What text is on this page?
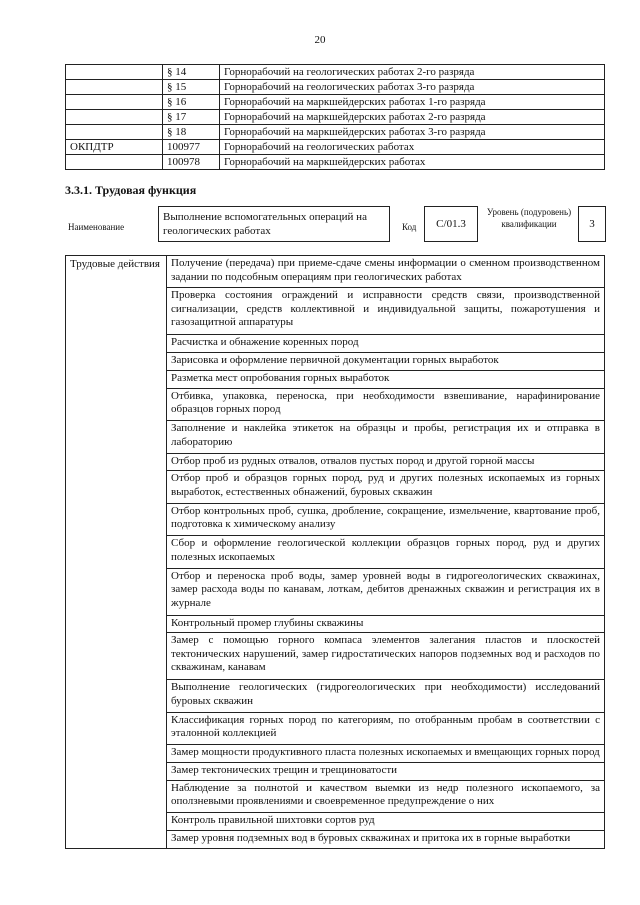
20
	§ 14	Горнорабочий на геологических работах 2-го разряда
	§ 15	Горнорабочий на геологических работах 3-го разряда
	§ 16	Горнорабочий на маркшейдерских работах 1-го разряда
	§ 17	Горнорабочий на маркшейдерских работах 2-го разряда
	§ 18	Горнорабочий на маркшейдерских работах 3-го разряда
ОКПДТР	100977	Горнорабочий на геологических работах
	100978	Горнорабочий на маркшейдерских работах
3.3.1. Трудовая функция
Наименование
Выполнение вспомогательных операций на геологических работах	Код	C/01.3
Уровень (подуровень) квалификации	3
Трудовые действия	Получение (передача) при приеме-сдаче смены информации о сменном производственном задании по подсобным операциям при геологических работах
Проверка состояния ограждений и исправности средств связи, производственной сигнализации, средств коллективной и индивидуальной защиты, пожаротушения и газозащитной аппаратуры
Расчистка и обнажение коренных пород
Зарисовка и оформление первичной документации горных выработок
Разметка мест опробования горных выработок
Отбивка, упаковка, переноска, при необходимости взвешивание, нарафинирование образцов горных пород
Заполнение и наклейка этикеток на образцы и пробы, регистрация их и отправка в лабораторию
Отбор проб из рудных отвалов, отвалов пустых пород и другой горной массы
Отбор проб и образцов горных пород, руд и других полезных ископаемых из горных выработок, естественных обнажений, буровых скважин
Отбор контрольных проб, сушка, дробление, сокращение, измельчение, квартование проб, подготовка к химическому анализу
Сбор и оформление геологической коллекции образцов горных пород, руд и других полезных ископаемых
Отбор и переноска проб воды, замер уровней воды в гидрогеологических скважинах, замер расхода воды по канавам, лоткам, дебитов дренажных скважин и регистрация их в журнале
Контрольный промер глубины скважины
Замер с помощью горного компаса элементов залегания пластов и плоскостей тектонических нарушений, замер гидростатических напоров подземных вод и расходов по скважинам, канавам
Выполнение геологических (гидрогеологических при необходимости) исследований буровых скважин
Классификация горных пород по категориям, по отобранным пробам в соответствии с эталонной коллекцией
Замер мощности продуктивного пласта полезных ископаемых и вмещающих горных пород
Замер тектонических трещин и трещиноватости
Наблюдение за полнотой и качеством выемки из недр полезного ископаемого, за оползневыми проявлениями и своевременное предупреждение о них
Контроль правильной шихтовки сортов руд
Замер уровня подземных вод в буровых скважинах и притока их в горные выработки
